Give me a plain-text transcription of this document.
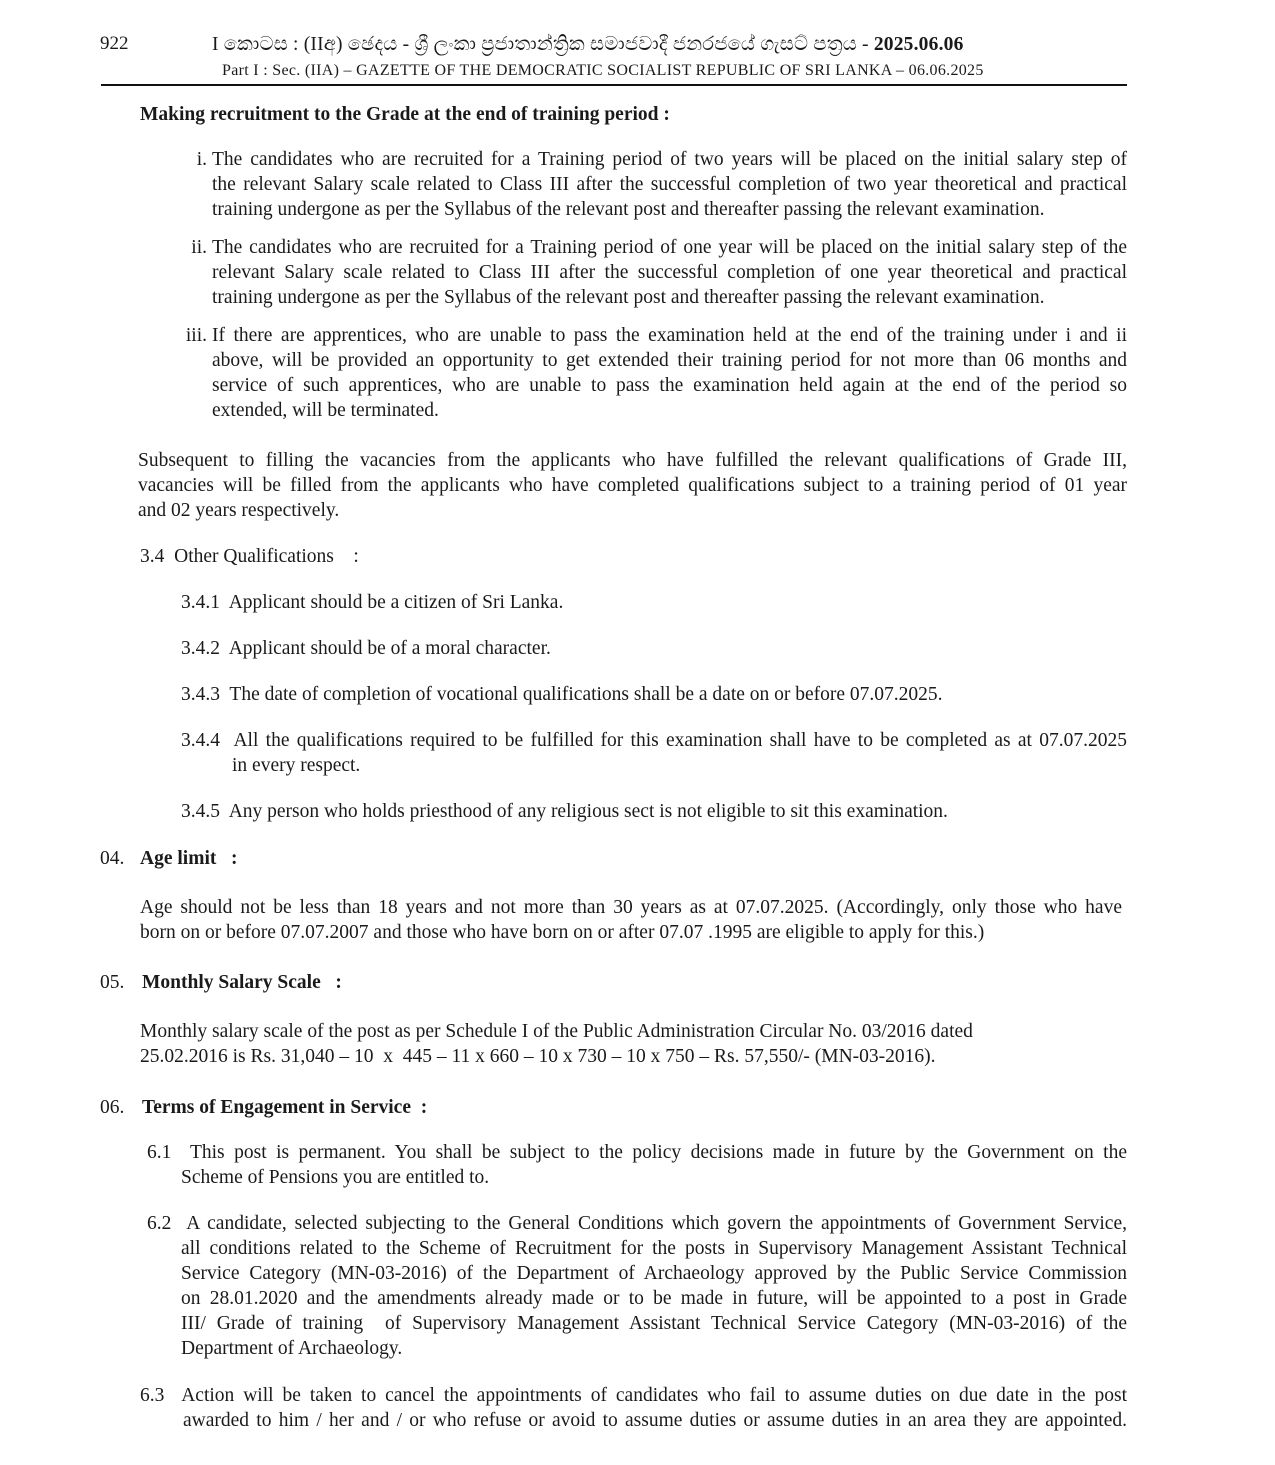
922	I කොටස : (IIඅ) ඡෙදය - ශ්‍රී ලංකා ප්‍රජාතාන්ත්‍රික සමාජවාදී ජනරජයේ ගැසට් පත්‍රය - 2025.06.06
Part I : Sec. (IIA) – GAZETTE OF THE DEMOCRATIC SOCIALIST REPUBLIC OF SRI LANKA – 06.06.2025
Making recruitment to the Grade at the end of training period :
i. The candidates who are recruited for a Training period of two years will be placed on the initial salary step of
the relevant Salary scale related to Class III after the successful completion of two year theoretical and practical
training undergone as per the Syllabus of the relevant post and thereafter passing the relevant examination.
ii. The candidates who are recruited for a Training period of one year will be placed on the initial salary step of the
relevant Salary scale related to Class III after the successful completion of one year theoretical and practical
training undergone as per the Syllabus of the relevant post and thereafter passing the relevant examination.
iii. If there are apprentices, who are unable to pass the examination held at the end of the training under i and ii
above, will be provided an opportunity to get extended their training period for not more than 06 months and
service of such apprentices, who are unable to pass the examination held again at the end of the period so
extended, will be terminated.
Subsequent to filling the vacancies from the applicants who have fulfilled the relevant qualifications of Grade III,
vacancies will be filled from the applicants who have completed qualifications subject to a training period of 01 year
and 02 years respectively.
3.4  Other Qualifications    :
3.4.1 Applicant should be a citizen of Sri Lanka.
3.4.2 Applicant should be of a moral character.
3.4.3 The date of completion of vocational qualifications shall be a date on or before 07.07.2025.
3.4.4 All the qualifications required to be fulfilled for this examination shall have to be completed as at 07.07.2025
in every respect.
3.4.5 Any person who holds priesthood of any religious sect is not eligible to sit this examination.
04. Age limit   :
Age should not be less than 18 years and not more than 30 years as at 07.07.2025. (Accordingly, only those who have
born on or before 07.07.2007 and those who have born on or after 07.07 .1995 are eligible to apply for this.)
05. Monthly Salary Scale   :
Monthly salary scale of the post as per Schedule I of the Public Administration Circular No. 03/2016 dated
25.02.2016 is Rs. 31,040 – 10  x  445 – 11 x 660 – 10 x 730 – 10 x 750 – Rs. 57,550/- (MN-03-2016).
06. Terms of Engagement in Service  :
6.1 This post is permanent. You shall be subject to the policy decisions made in future by the Government on the
Scheme of Pensions you are entitled to.
6.2 A candidate, selected subjecting to the General Conditions which govern the appointments of Government Service,
all conditions related to the Scheme of Recruitment for the posts in Supervisory Management Assistant Technical
Service Category (MN-03-2016) of the Department of Archaeology approved by the Public Service Commission
on 28.01.2020 and the amendments already made or to be made in future, will be appointed to a post in Grade
III/ Grade of training  of Supervisory Management Assistant Technical Service Category (MN-03-2016) of the
Department of Archaeology.
6.3 Action will be taken to cancel the appointments of candidates who fail to assume duties on due date in the post
awarded to him / her and / or who refuse or avoid to assume duties or assume duties in an area they are appointed.
